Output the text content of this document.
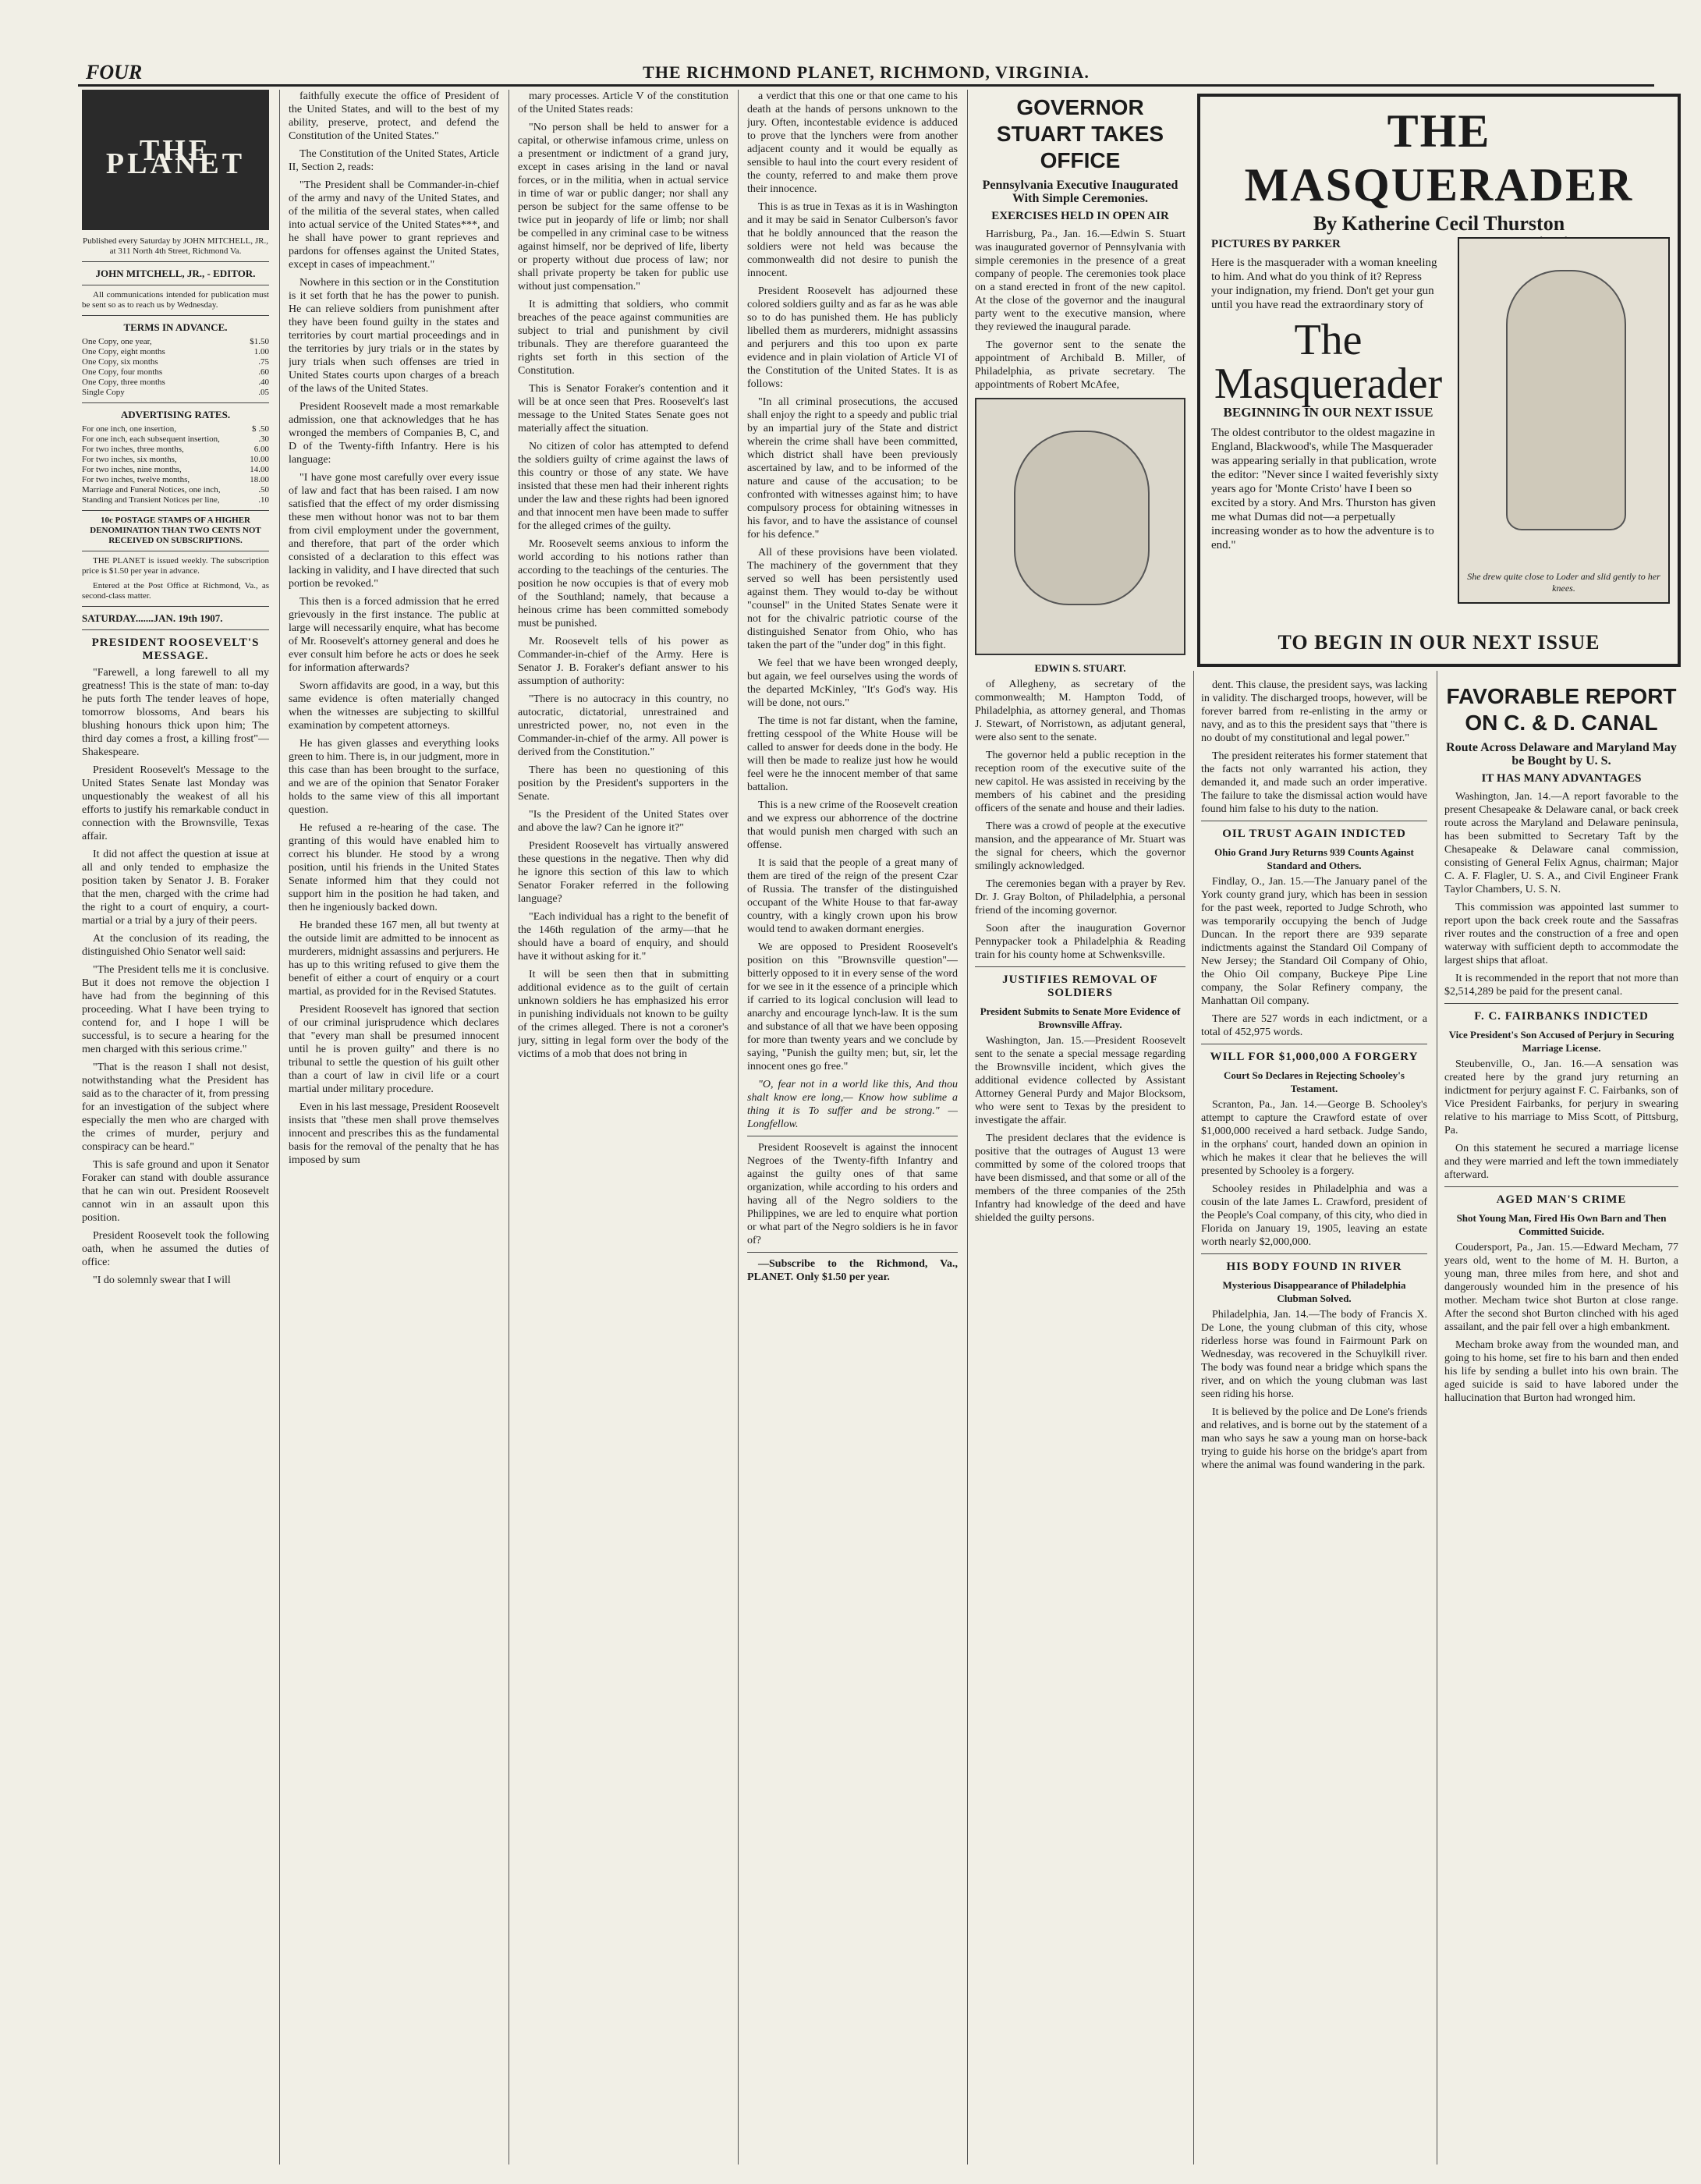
FOUR	THE RICHMOND PLANET, RICHMOND, VIRGINIA.
THE PLANET

Published every Saturday by JOHN MITCHELL, JR., at 311 North 4th Street, Richmond Va.

JOHN MITCHELL, JR., - EDITOR.

All communications intended for publication must be sent so as to reach us by Wednesday.

TERMS IN ADVANCE.
One Copy, one year,	$1.50
One Copy, eight months	1.00
One Copy, six months	.75
One Copy, four months	.60
One Copy, three months	.40
Single Copy	.05
ADVERTISING RATES.
For one inch, one insertion,	$ .50
For one inch, each subsequent insertion,	.30
For two inches, three months,	6.00
For two inches, six months,	10.00
For two inches, nine months,	14.00
For two inches, twelve months,	18.00
Marriage and Funeral Notices, one inch,	.50
Standing and Transient Notices per line,	.10

10c POSTAGE STAMPS OF A HIGHER DENOMINATION THAN TWO CENTS NOT RECEIVED ON SUBSCRIPTIONS.

THE PLANET is issued weekly. The subscription price is $1.50 per year in advance.

Entered at the Post Office at Richmond, Va., as second-class matter.

SATURDAY.......JAN. 19th 1907.
PRESIDENT ROOSEVELT'S MESSAGE.

"Farewell, a long farewell to all my greatness! This is the state of man: to-day he puts forth The tender leaves of hope, tomorrow blossoms, And bears his blushing honours thick upon him; The third day comes a frost, a killing frost"—Shakespeare.

President Roosevelt's Message to the United States Senate last Monday was unquestionably the weakest of all his efforts to justify his remarkable conduct in connection with the Brownsville, Texas affair.

It did not affect the question at issue at all and only tended to emphasize the position taken by Senator J. B. Foraker that the men, charged with the crime had the right to a court of enquiry, a court-martial or a trial by a jury of their peers.

At the conclusion of its reading, the distinguished Ohio Senator well said:

"The President tells me it is conclusive. But it does not remove the objection I have had from the beginning of this proceeding. What I have been trying to contend for, and I hope I will be successful, is to secure a hearing for the men charged with this serious crime."

"That is the reason I shall not desist, notwithstanding what the President has said as to the character of it, from pressing for an investigation of the subject where especially the men who are charged with the crimes of murder, perjury and conspiracy can be heard."

This is safe ground and upon it Senator Foraker can stand with double assurance that he can win out. President Roosevelt cannot win in an assault upon this position.

President Roosevelt took the following oath, when he assumed the duties of office:

"I do solemnly swear that I will

faithfully execute the office of President of the United States, and will to the best of my ability, preserve, protect, and defend the Constitution of the United States."

The Constitution of the United States, Article II, Section 2, reads:

"The President shall be Commander-in-chief of the army and navy of the United States, and of the militia of the several states, when called into actual service of the United States***, and he shall have power to grant reprieves and pardons for offenses against the United States, except in cases of impeachment."

Nowhere in this section or in the Constitution is it set forth that he has the power to punish. He can relieve soldiers from punishment after they have been found guilty in the states and territories by court martial proceedings and in the territories by jury trials or in the states by jury trials when such offenses are tried in United States courts upon charges of a breach of the laws of the United States.

President Roosevelt made a most remarkable admission, one that acknowledges that he has wronged the members of Companies B, C, and D of the Twenty-fifth Infantry. Here is his language:

"I have gone most carefully over every issue of law and fact that has been raised. I am now satisfied that the effect of my order dismissing these men without honor was not to bar them from civil employment under the government, and therefore, that part of the order which consisted of a declaration to this effect was lacking in validity, and I have directed that such portion be revoked."

This then is a forced admission that he erred grievously in the first instance. The public at large will necessarily enquire, what has become of Mr. Roosevelt's attorney general and does he ever consult him before he acts or does he seek for information afterwards?

Sworn affidavits are good, in a way, but this same evidence is often materially changed when the witnesses are subjecting to skillful examination by competent attorneys.

He has given glasses and everything looks green to him. There is, in our judgment, more in this case than has been brought to the surface, and we are of the opinion that Senator Foraker holds to the same view of this all important question.

He refused a re-hearing of the case. The granting of this would have enabled him to correct his blunder. He stood by a wrong position, until his friends in the United States Senate informed him that they could not support him in the position he had taken, and then he ingeniously backed down.

He branded these 167 men, all but twenty at the outside limit are admitted to be innocent as murderers, midnight assassins and perjurers. He has up to this writing refused to give them the benefit of either a court of enquiry or a court martial, as provided for in the Revised Statutes.

President Roosevelt has ignored that section of our criminal jurisprudence which declares that "every man shall be presumed innocent until he is proven guilty" and there is no tribunal to settle the question of his guilt other than a court of law in civil life or a court martial under military procedure.

Even in his last message, President Roosevelt insists that "these men shall prove themselves innocent and prescribes this as the fundamental basis for the removal of the penalty that he has imposed by sum

mary processes. Article V of the constitution of the United States reads:

"No person shall be held to answer for a capital, or otherwise infamous crime, unless on a presentment or indictment of a grand jury, except in cases arising in the land or naval forces, or in the militia, when in actual service in time of war or public danger; nor shall any person be subject for the same offense to be twice put in jeopardy of life or limb; nor shall be compelled in any criminal case to be witness against himself, nor be deprived of life, liberty or property without due process of law; nor shall private property be taken for public use without just compensation."

It is admitting that soldiers, who commit breaches of the peace against communities are subject to trial and punishment by civil tribunals. They are therefore guaranteed the rights set forth in this section of the Constitution.

This is Senator Foraker's contention and it will be at once seen that Pres. Roosevelt's last message to the United States Senate goes not materially affect the situation.

No citizen of color has attempted to defend the soldiers guilty of crime against the laws of this country or those of any state. We have insisted that these men had their inherent rights under the law and these rights had been ignored and that innocent men have been made to suffer for the alleged crimes of the guilty.

Mr. Roosevelt seems anxious to inform the world according to his notions rather than according to the teachings of the centuries. The position he now occupies is that of every mob of the Southland; namely, that because a heinous crime has been committed somebody must be punished.

Mr. Roosevelt tells of his power as Commander-in-chief of the Army. Here is Senator J. B. Foraker's defiant answer to his assumption of authority:

"There is no autocracy in this country, no autocratic, dictatorial, unrestrained and unrestricted power, no, not even in the Commander-in-chief of the army. All power is derived from the Constitution."

There has been no questioning of this position by the President's supporters in the Senate.

"Is the President of the United States over and above the law? Can he ignore it?"

President Roosevelt has virtually answered these questions in the negative. Then why did he ignore this section of this law to which Senator Foraker referred in the following language?

"Each individual has a right to the benefit of the 146th regulation of the army—that he should have a board of enquiry, and should have it without asking for it."

It will be seen then that in submitting additional evidence as to the guilt of certain unknown soldiers he has emphasized his error in punishing individuals not known to be guilty of the crimes alleged. There is not a coroner's jury, sitting in legal form over the body of the victims of a mob that does not bring in

a verdict that this one or that one came to his death at the hands of persons unknown to the jury. Often, incontestable evidence is adduced to prove that the lynchers were from another adjacent county and it would be equally as sensible to haul into the court every resident of the county, referred to and make them prove their innocence.

This is as true in Texas as it is in Washington and it may be said in Senator Culberson's favor that he boldly announced that the reason the soldiers were not held was because the commonwealth did not desire to punish the innocent.

President Roosevelt has adjourned these colored soldiers guilty and as far as he was able so to do has punished them. He has publicly libelled them as murderers, midnight assassins and perjurers and this too upon ex parte evidence and in plain violation of Article VI of the Constitution of the United States. It is as follows:

"In all criminal prosecutions, the accused shall enjoy the right to a speedy and public trial by an impartial jury of the State and district wherein the crime shall have been committed, which district shall have been previously ascertained by law, and to be informed of the nature and cause of the accusation; to be confronted with witnesses against him; to have compulsory process for obtaining witnesses in his favor, and to have the assistance of counsel for his defence."

All of these provisions have been violated. The machinery of the government that they served so well has been persistently used against them. They would to-day be without "counsel" in the United States Senate were it not for the chivalric patriotic course of the distinguished Senator from Ohio, who has taken the part of the "under dog" in this fight.

We feel that we have been wronged deeply, but again, we feel ourselves using the words of the departed McKinley, "It's God's way. His will be done, not ours."

The time is not far distant, when the famine, fretting cesspool of the White House will be called to answer for deeds done in the body. He will then be made to realize just how he would feel were he the innocent member of that same battalion.

This is a new crime of the Roosevelt creation and we express our abhorrence of the doctrine that would punish men charged with such an offense.

It is said that the people of a great many of them are tired of the reign of the present Czar of Russia. The transfer of the distinguished occupant of the White House to that far-away country, with a kingly crown upon his brow would tend to awaken dormant energies.

We are opposed to President Roosevelt's position on this "Brownsville question"—bitterly opposed to it in every sense of the word for we see in it the essence of a principle which if carried to its logical conclusion will lead to anarchy and encourage lynch-law. It is the sum and substance of all that we have been opposing for more than twenty years and we conclude by saying, "Punish the guilty men; but, sir, let the innocent ones go free."

"O, fear not in a world like this, And thou shalt know ere long,— Know how sublime a thing it is To suffer and be strong." —Longfellow.

President Roosevelt is against the innocent Negroes of the Twenty-fifth Infantry and against the guilty ones of that same organization, while according to his orders and having all of the Negro soldiers to the Philippines, we are led to enquire what portion or what part of the Negro soldiers is he in favor of?

—Subscribe to the Richmond, Va., PLANET. Only $1.50 per year.

GOVERNOR STUART TAKES OFFICE
Pennsylvania Executive Inaugurated With Simple Ceremonies.
EXERCISES HELD IN OPEN AIR

Harrisburg, Pa., Jan. 16.—Edwin S. Stuart was inaugurated governor of Pennsylvania with simple ceremonies in the presence of a great company of people. The ceremonies took place on a stand erected in front of the new capitol. At the close of the governor and the inaugural party went to the executive mansion, where they reviewed the inaugural parade.

The governor sent to the senate the appointment of Archibald B. Miller, of Philadelphia, as private secretary. The appointments of Robert McAfee,

EDWIN S. STUART.

of Allegheny, as secretary of the commonwealth; M. Hampton Todd, of Philadelphia, as attorney general, and Thomas J. Stewart, of Norristown, as adjutant general, were also sent to the senate.

The governor held a public reception in the reception room of the executive suite of the new capitol. He was assisted in receiving by the members of his cabinet and the presiding officers of the senate and house and their ladies.

There was a crowd of people at the executive mansion, and the appearance of Mr. Stuart was the signal for cheers, which the governor smilingly acknowledged.

The ceremonies began with a prayer by Rev. Dr. J. Gray Bolton, of Philadelphia, a personal friend of the incoming governor.

Soon after the inauguration Governor Pennypacker took a Philadelphia & Reading train for his county home at Schwenksville.

JUSTIFIES REMOVAL OF SOLDIERS
President Submits to Senate More Evidence of Brownsville Affray.

Washington, Jan. 15.—President Roosevelt sent to the senate a special message regarding the Brownsville incident, which gives the additional evidence collected by Assistant Attorney General Purdy and Major Blocksom, who were sent to Texas by the president to investigate the affair.

The president declares that the evidence is positive that the outrages of August 13 were committed by some of the colored troops that have been dismissed, and that some or all of the members of the three companies of the 25th Infantry had knowledge of the deed and have shielded the guilty persons.

dent. This clause, the president says, was lacking in validity. The discharged troops, however, will be forever barred from re-enlisting in the army or navy, and as to this the president says that "there is no doubt of my constitutional and legal power."

The president reiterates his former statement that the facts not only warranted his action, they demanded it, and made such an order imperative. The failure to take the dismissal action would have found him false to his duty to the nation.

OIL TRUST AGAIN INDICTED
Ohio Grand Jury Returns 939 Counts Against Standard and Others.

Findlay, O., Jan. 15.—The January panel of the York county grand jury, which has been in session for the past week, reported to Judge Schroth, who was temporarily occupying the bench of Judge Duncan. In the report there are 939 separate indictments against the Standard Oil Company of New Jersey; the Standard Oil Company of Ohio, the Ohio Oil company, Buckeye Pipe Line company, the Solar Refinery company, the Manhattan Oil company.

There are 527 words in each indictment, or a total of 452,975 words.

WILL FOR $1,000,000 A FORGERY
Court So Declares in Rejecting Schooley's Testament.

Scranton, Pa., Jan. 14.—George B. Schooley's attempt to capture the Crawford estate of over $1,000,000 received a hard setback. Judge Sando, in the orphans' court, handed down an opinion in which he makes it clear that he believes the will presented by Schooley is a forgery.

Schooley resides in Philadelphia and was a cousin of the late James L. Crawford, president of the People's Coal company, of this city, who died in Florida on January 19, 1905, leaving an estate worth nearly $2,000,000.

HIS BODY FOUND IN RIVER
Mysterious Disappearance of Philadelphia Clubman Solved.

Philadelphia, Jan. 14.—The body of Francis X. De Lone, the young clubman of this city, whose riderless horse was found in Fairmount Park on Wednesday, was recovered in the Schuylkill river. The body was found near a bridge which spans the river, and on which the young clubman was last seen riding his horse.

It is believed by the police and De Lone's friends and relatives, and is borne out by the statement of a man who says he saw a young man on horse-back trying to guide his horse on the bridge's apart from where the animal was found wandering in the park.

THE MASQUERADER
By Katherine Cecil Thurston
PICTURES BY PARKER
Here is the masquerader with a woman kneeling to him. And what do you think of it? Repress your indignation, my friend. Don't get your gun until you have read the extraordinary story of
The Masquerader
BEGINNING IN OUR NEXT ISSUE
The oldest contributor to the oldest magazine in England, Blackwood's, while The Masquerader was appearing serially in that publication, wrote the editor: "Never since I waited feverishly sixty years ago for 'Monte Cristo' have I been so excited by a story. And Mrs. Thurston has given me what Dumas did not—a perpetually increasing wonder as to how the adventure is to end."
She drew quite close to Loder and slid gently to her knees.
TO BEGIN IN OUR NEXT ISSUE
FAVORABLE REPORT ON C. & D. CANAL
Route Across Delaware and Maryland May be Bought by U. S.
IT HAS MANY ADVANTAGES

Washington, Jan. 14.—A report favorable to the present Chesapeake & Delaware canal, or back creek route across the Maryland and Delaware peninsula, has been submitted to Secretary Taft by the Chesapeake & Delaware canal commission, consisting of General Felix Agnus, chairman; Major C. A. F. Flagler, U. S. A., and Civil Engineer Frank Taylor Chambers, U. S. N.

This commission was appointed last summer to report upon the back creek route and the Sassafras river routes and the construction of a free and open waterway with sufficient depth to accommodate the largest ships that afloat.

It is recommended in the report that not more than $2,514,289 be paid for the present canal.

F. C. FAIRBANKS INDICTED
Vice President's Son Accused of Perjury in Securing Marriage License.

Steubenville, O., Jan. 16.—A sensation was created here by the grand jury returning an indictment for perjury against F. C. Fairbanks, son of Vice President Fairbanks, for perjury in swearing relative to his marriage to Miss Scott, of Pittsburg, Pa.

On this statement he secured a marriage license and they were married and left the town immediately afterward.

AGED MAN'S CRIME
Shot Young Man, Fired His Own Barn and Then Committed Suicide.

Coudersport, Pa., Jan. 15.—Edward Mecham, 77 years old, went to the home of M. H. Burton, a young man, three miles from here, and shot and dangerously wounded him in the presence of his mother. Mecham twice shot Burton at close range. After the second shot Burton clinched with his aged assailant, and the pair fell over a high embankment.

Mecham broke away from the wounded man, and going to his home, set fire to his barn and then ended his life by sending a bullet into his own brain. The aged suicide is said to have labored under the hallucination that Burton had wronged him.
